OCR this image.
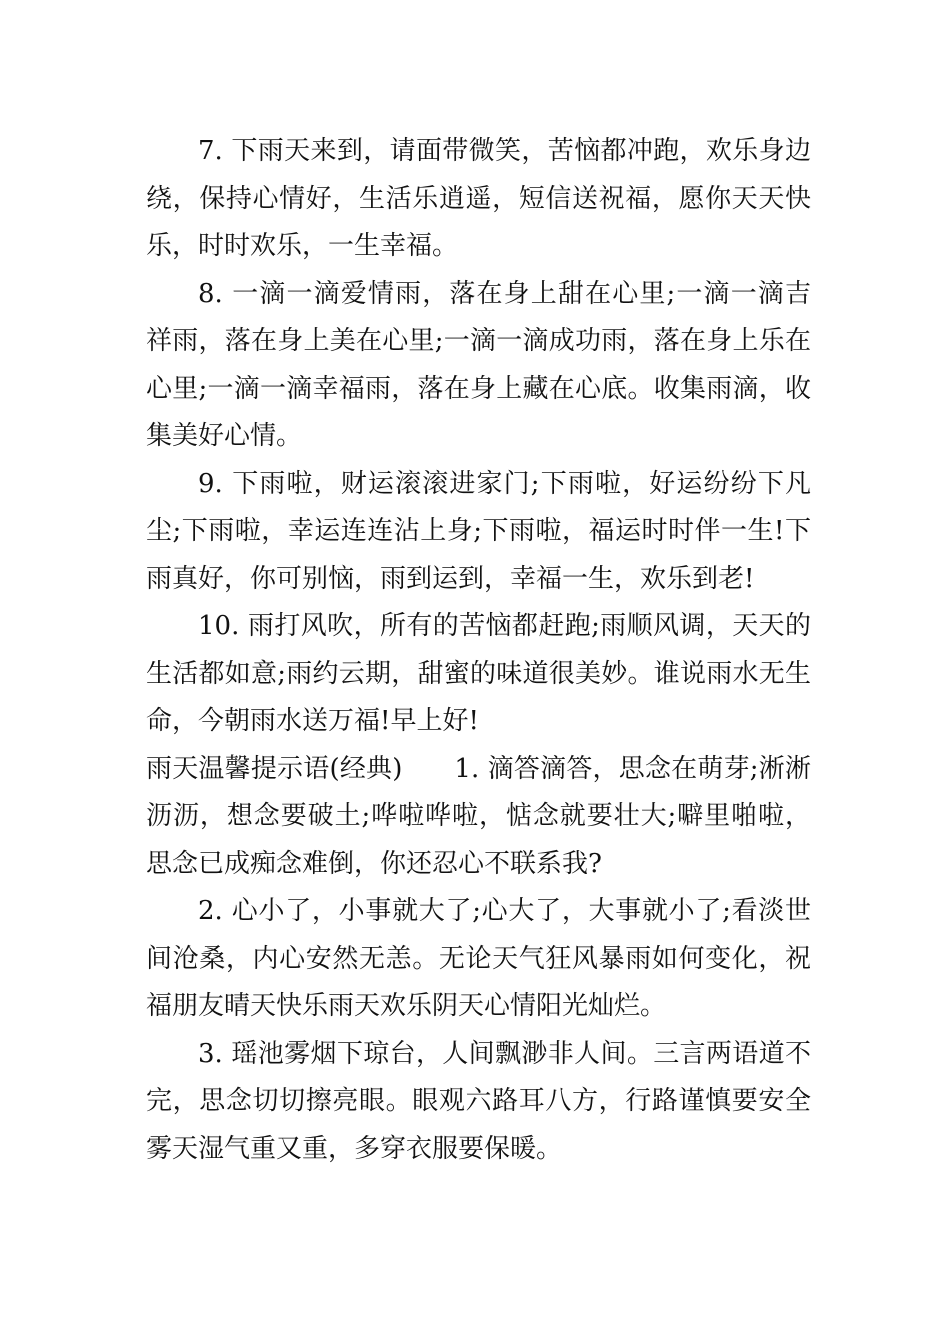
7. 下雨天来到，请面带微笑，苦恼都冲跑，欢乐身边绕，保持心情好，生活乐逍遥，短信送祝福，愿你天天快乐，时时欢乐，一生幸福。

8. 一滴一滴爱情雨，落在身上甜在心里;一滴一滴吉祥雨，落在身上美在心里;一滴一滴成功雨，落在身上乐在心里;一滴一滴幸福雨，落在身上藏在心底。收集雨滴，收集美好心情。

9. 下雨啦，财运滚滚进家门;下雨啦，好运纷纷下凡尘;下雨啦，幸运连连沾上身;下雨啦，福运时时伴一生!下雨真好，你可别恼，雨到运到，幸福一生，欢乐到老!

10. 雨打风吹，所有的苦恼都赶跑;雨顺风调，天天的生活都如意;雨约云期，甜蜜的味道很美妙。谁说雨水无生命，今朝雨水送万福!早上好!

雨天温馨提示语(经典) 1. 滴答滴答，思念在萌芽;淅淅沥沥，想念要破土;哗啦哗啦，惦念就要壮大;噼里啪啦，思念已成痴念难倒，你还忍心不联系我?

2. 心小了，小事就大了;心大了，大事就小了;看淡世间沧桑，内心安然无恙。无论天气狂风暴雨如何变化，祝福朋友晴天快乐雨天欢乐阴天心情阳光灿烂。

3. 瑶池雾烟下琼台，人间飘渺非人间。三言两语道不完，思念切切擦亮眼。眼观六路耳八方，行路谨慎要安全雾天湿气重又重，多穿衣服要保暖。
